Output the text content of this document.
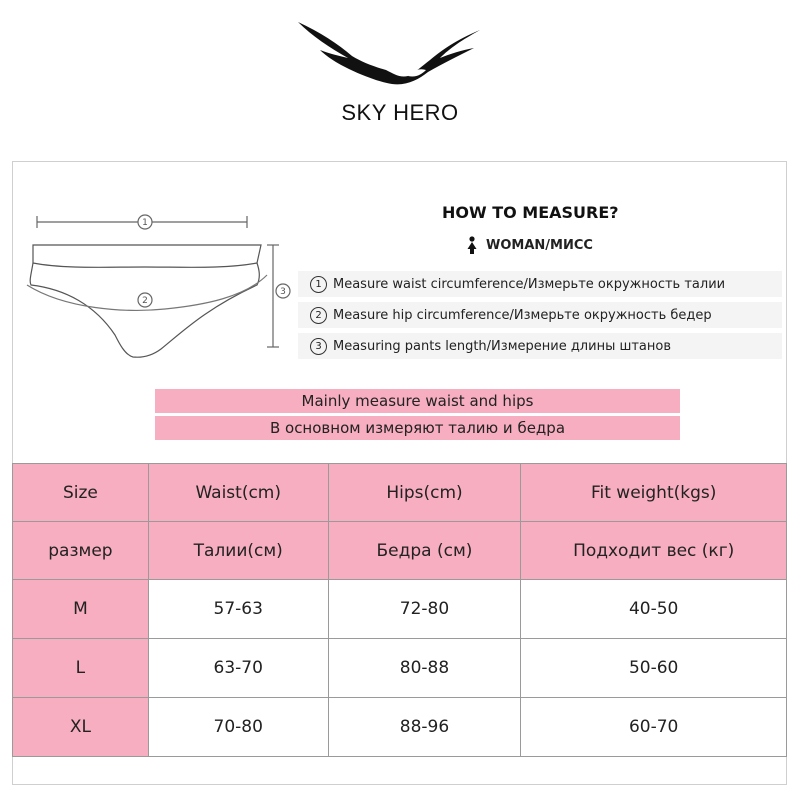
SKY HERO
1
2
3
HOW TO MEASURE?
WOMAN/МИСС
1 Measure waist circumference/Измерьте окружность талии
2 Measure hip circumference/Измерьте окружность бедер
3 Measuring pants length/Измерение длины штанов
Mainly measure waist and hips
В основном измеряют талию и бедра
Size	Waist(cm)	Hips(cm)	Fit weight(kgs)
размер	Талии(см)	Бедра (см)	Подходит вес (кг)
M	57-63	72-80	40-50
L	63-70	80-88	50-60
XL	70-80	88-96	60-70
